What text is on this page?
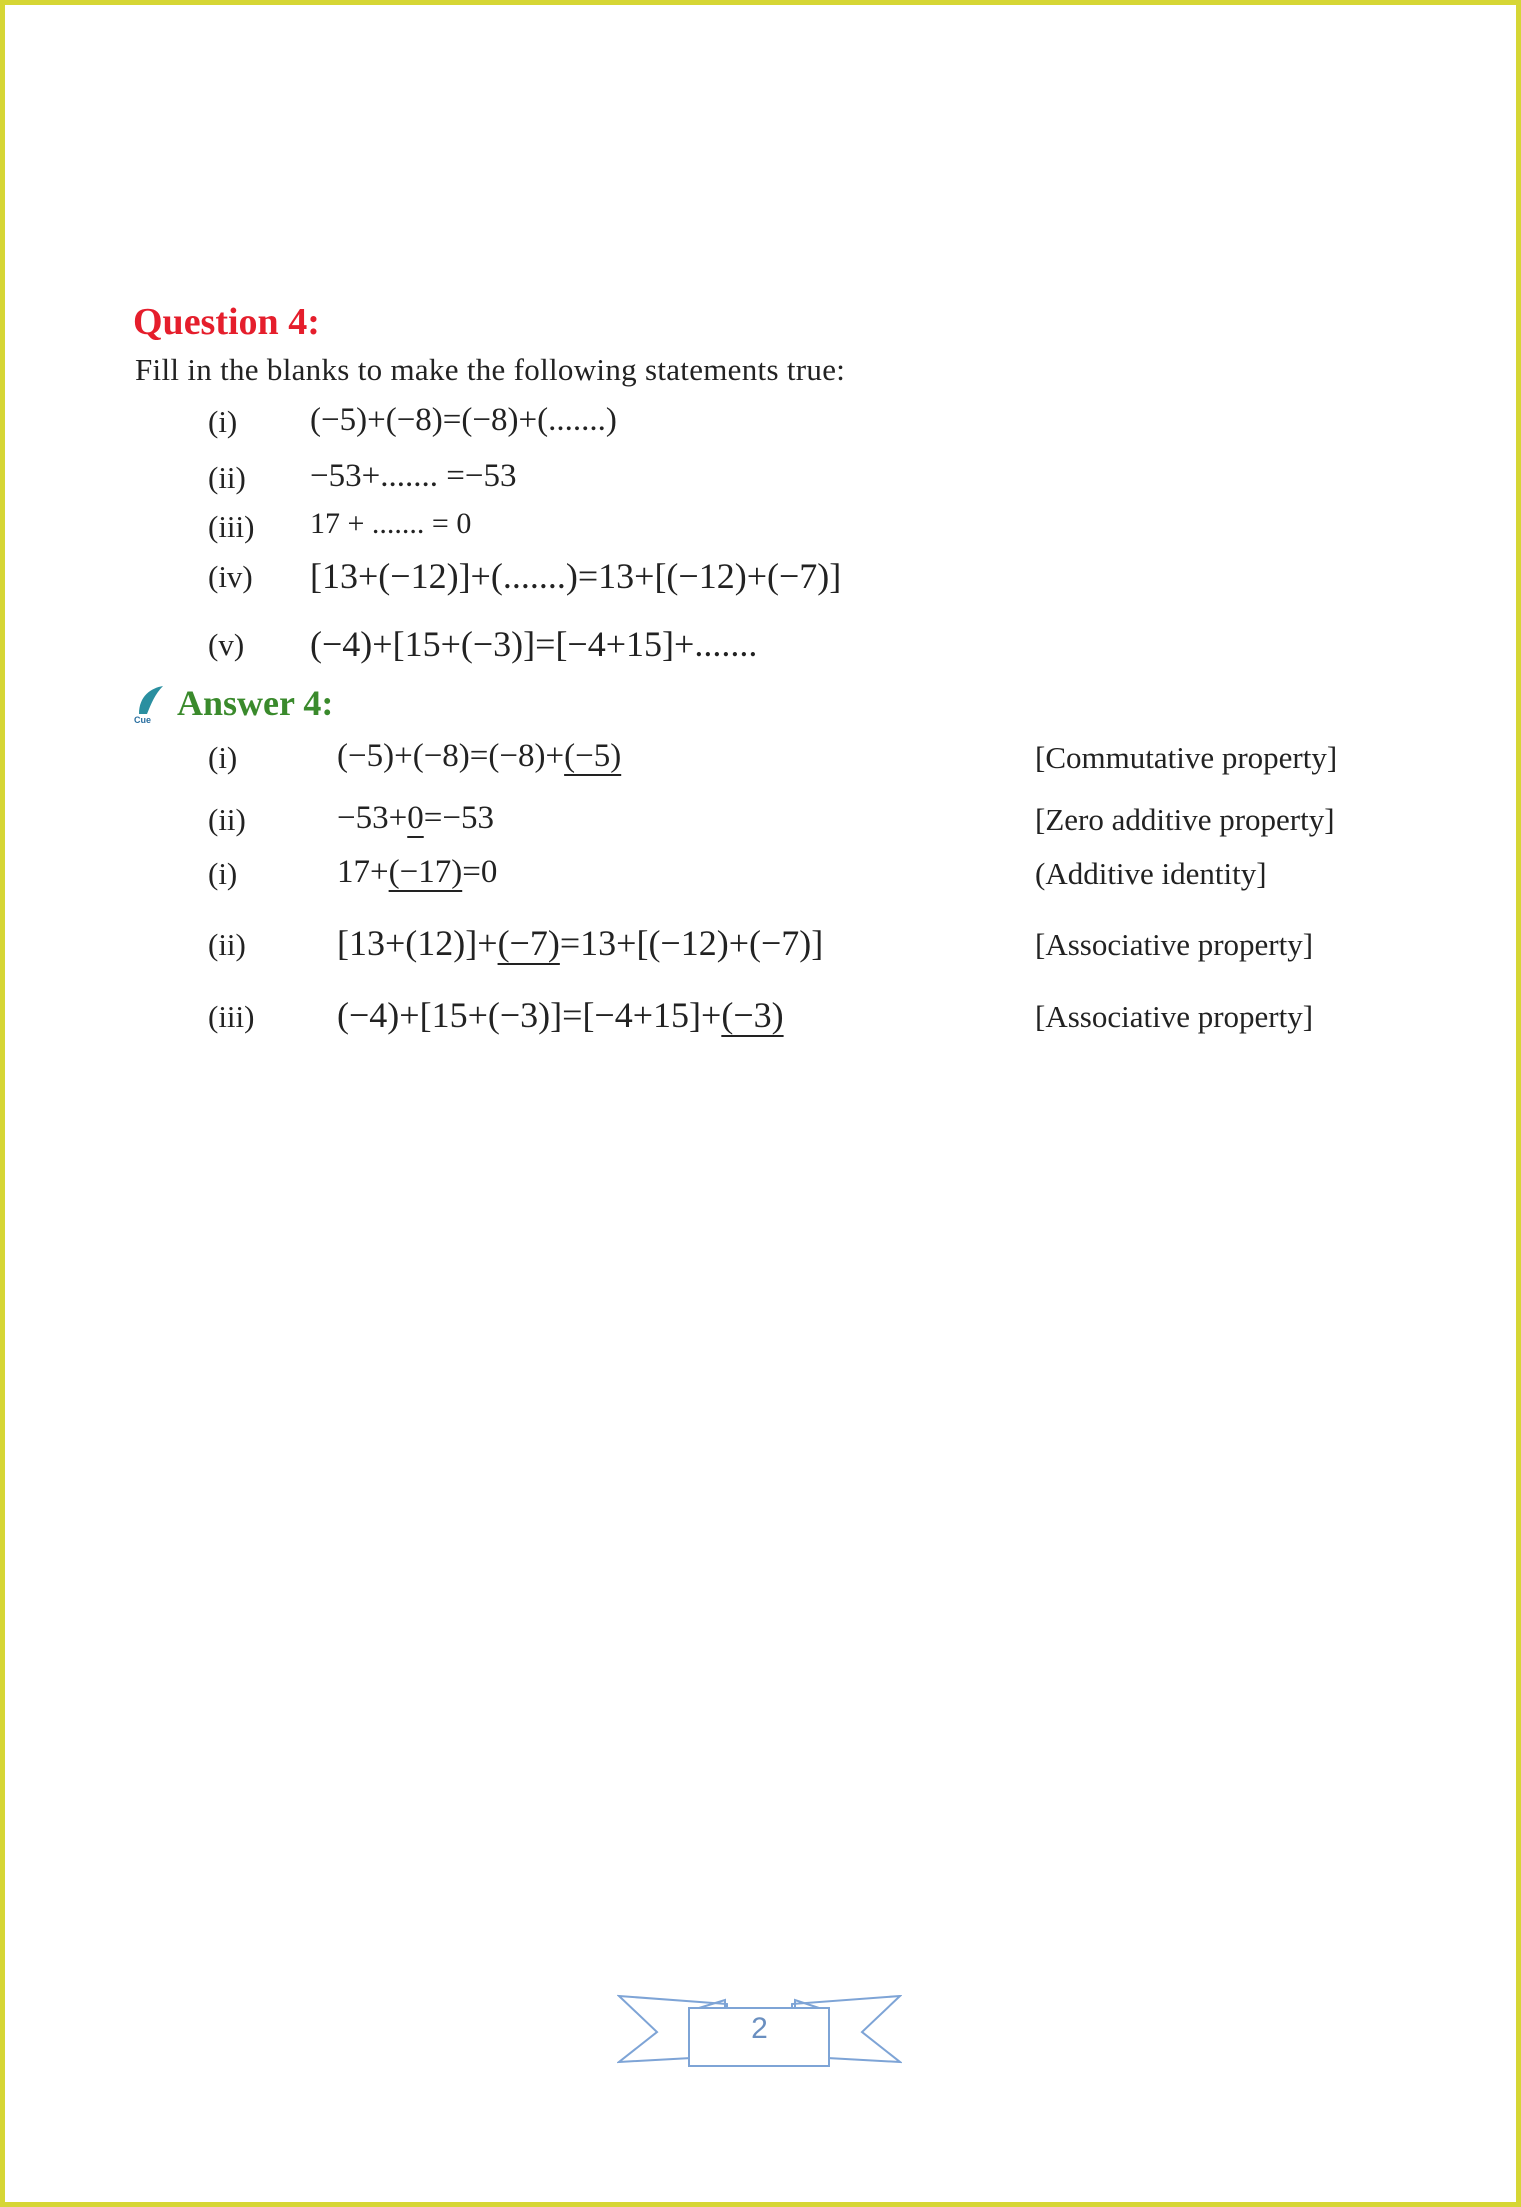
Question 4:
Fill in the blanks to make the following statements true:
(i) (−5)+(−8)=(−8)+(.......)
(ii) −53+....... =−53
(iii) 17 + ....... = 0
(iv) [13+(−12)]+(.......)=13+[(−12)+(−7)]
(v) (−4)+[15+(−3)]=[−4+15]+.......
Cue Answer 4:
(i)	(−5)+(−8)=(−8)+(−5)	[Commutative property]
(ii)	−53+0=−53	[Zero additive property]
(i)	17+(−17)=0	(Additive identity]
(ii)	[13+(12)]+(−7)=13+[(−12)+(−7)]	[Associative property]
(iii) (−4)+[15+(−3)]=[−4+15]+(−3)	[Associative property]
2
